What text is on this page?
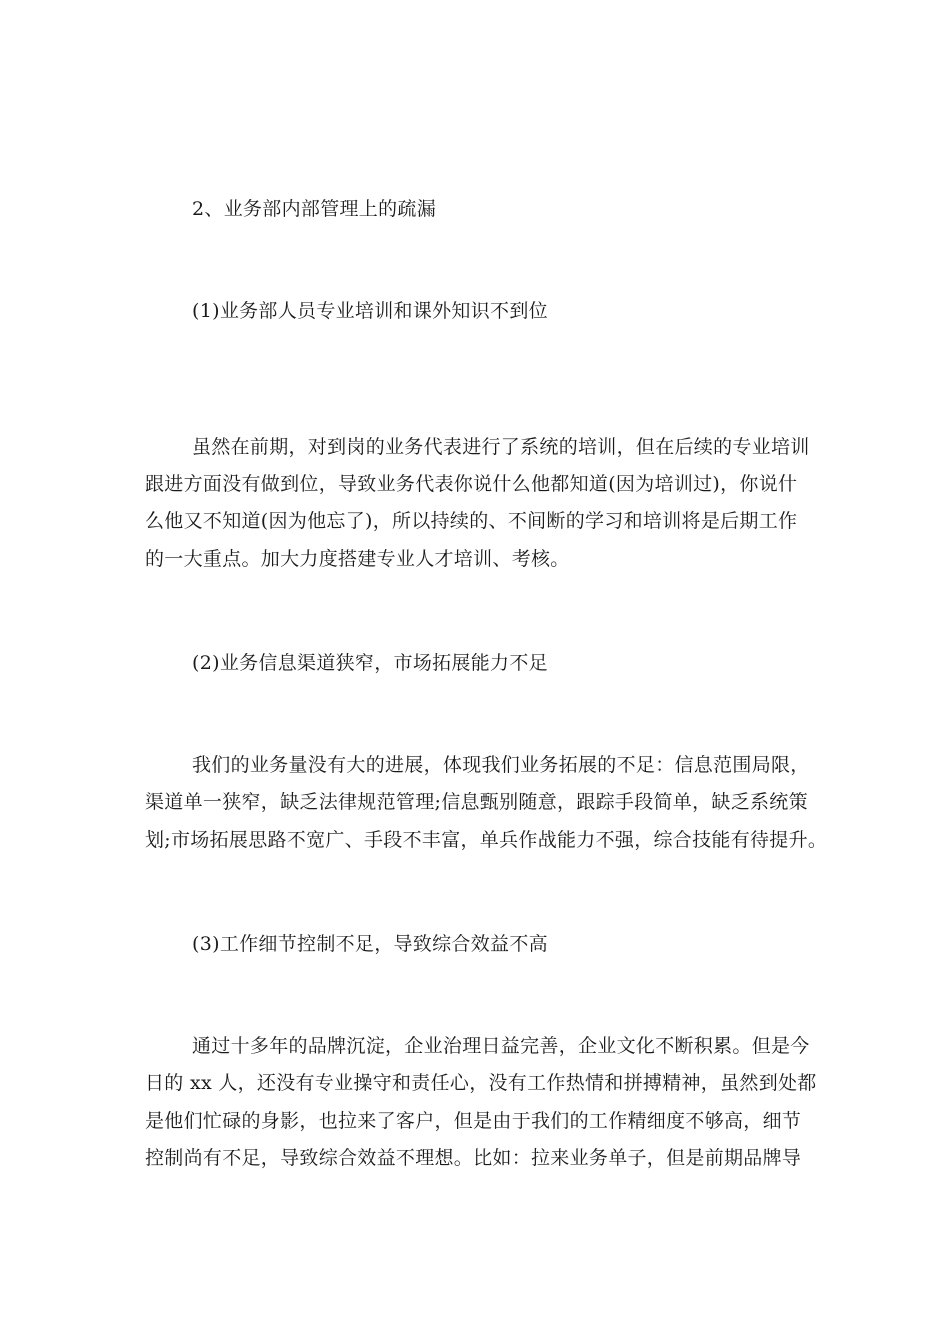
2、业务部内部管理上的疏漏
(1)业务部人员专业培训和课外知识不到位
虽然在前期，对到岗的业务代表进行了系统的培训，但在后续的专业培训
跟进方面没有做到位，导致业务代表你说什么他都知道(因为培训过)，你说什
么他又不知道(因为他忘了)，所以持续的、不间断的学习和培训将是后期工作
的一大重点。加大力度搭建专业人才培训、考核。
(2)业务信息渠道狭窄，市场拓展能力不足
我们的业务量没有大的进展，体现我们业务拓展的不足：信息范围局限，
渠道单一狭窄，缺乏法律规范管理;信息甄别随意，跟踪手段简单，缺乏系统策
划;市场拓展思路不宽广、手段不丰富，单兵作战能力不强，综合技能有待提升。
(3)工作细节控制不足，导致综合效益不高
通过十多年的品牌沉淀，企业治理日益完善，企业文化不断积累。但是今
日的 xx 人，还没有专业操守和责任心，没有工作热情和拼搏精神，虽然到处都
是他们忙碌的身影，也拉来了客户，但是由于我们的工作精细度不够高，细节
控制尚有不足，导致综合效益不理想。比如：拉来业务单子，但是前期品牌导
